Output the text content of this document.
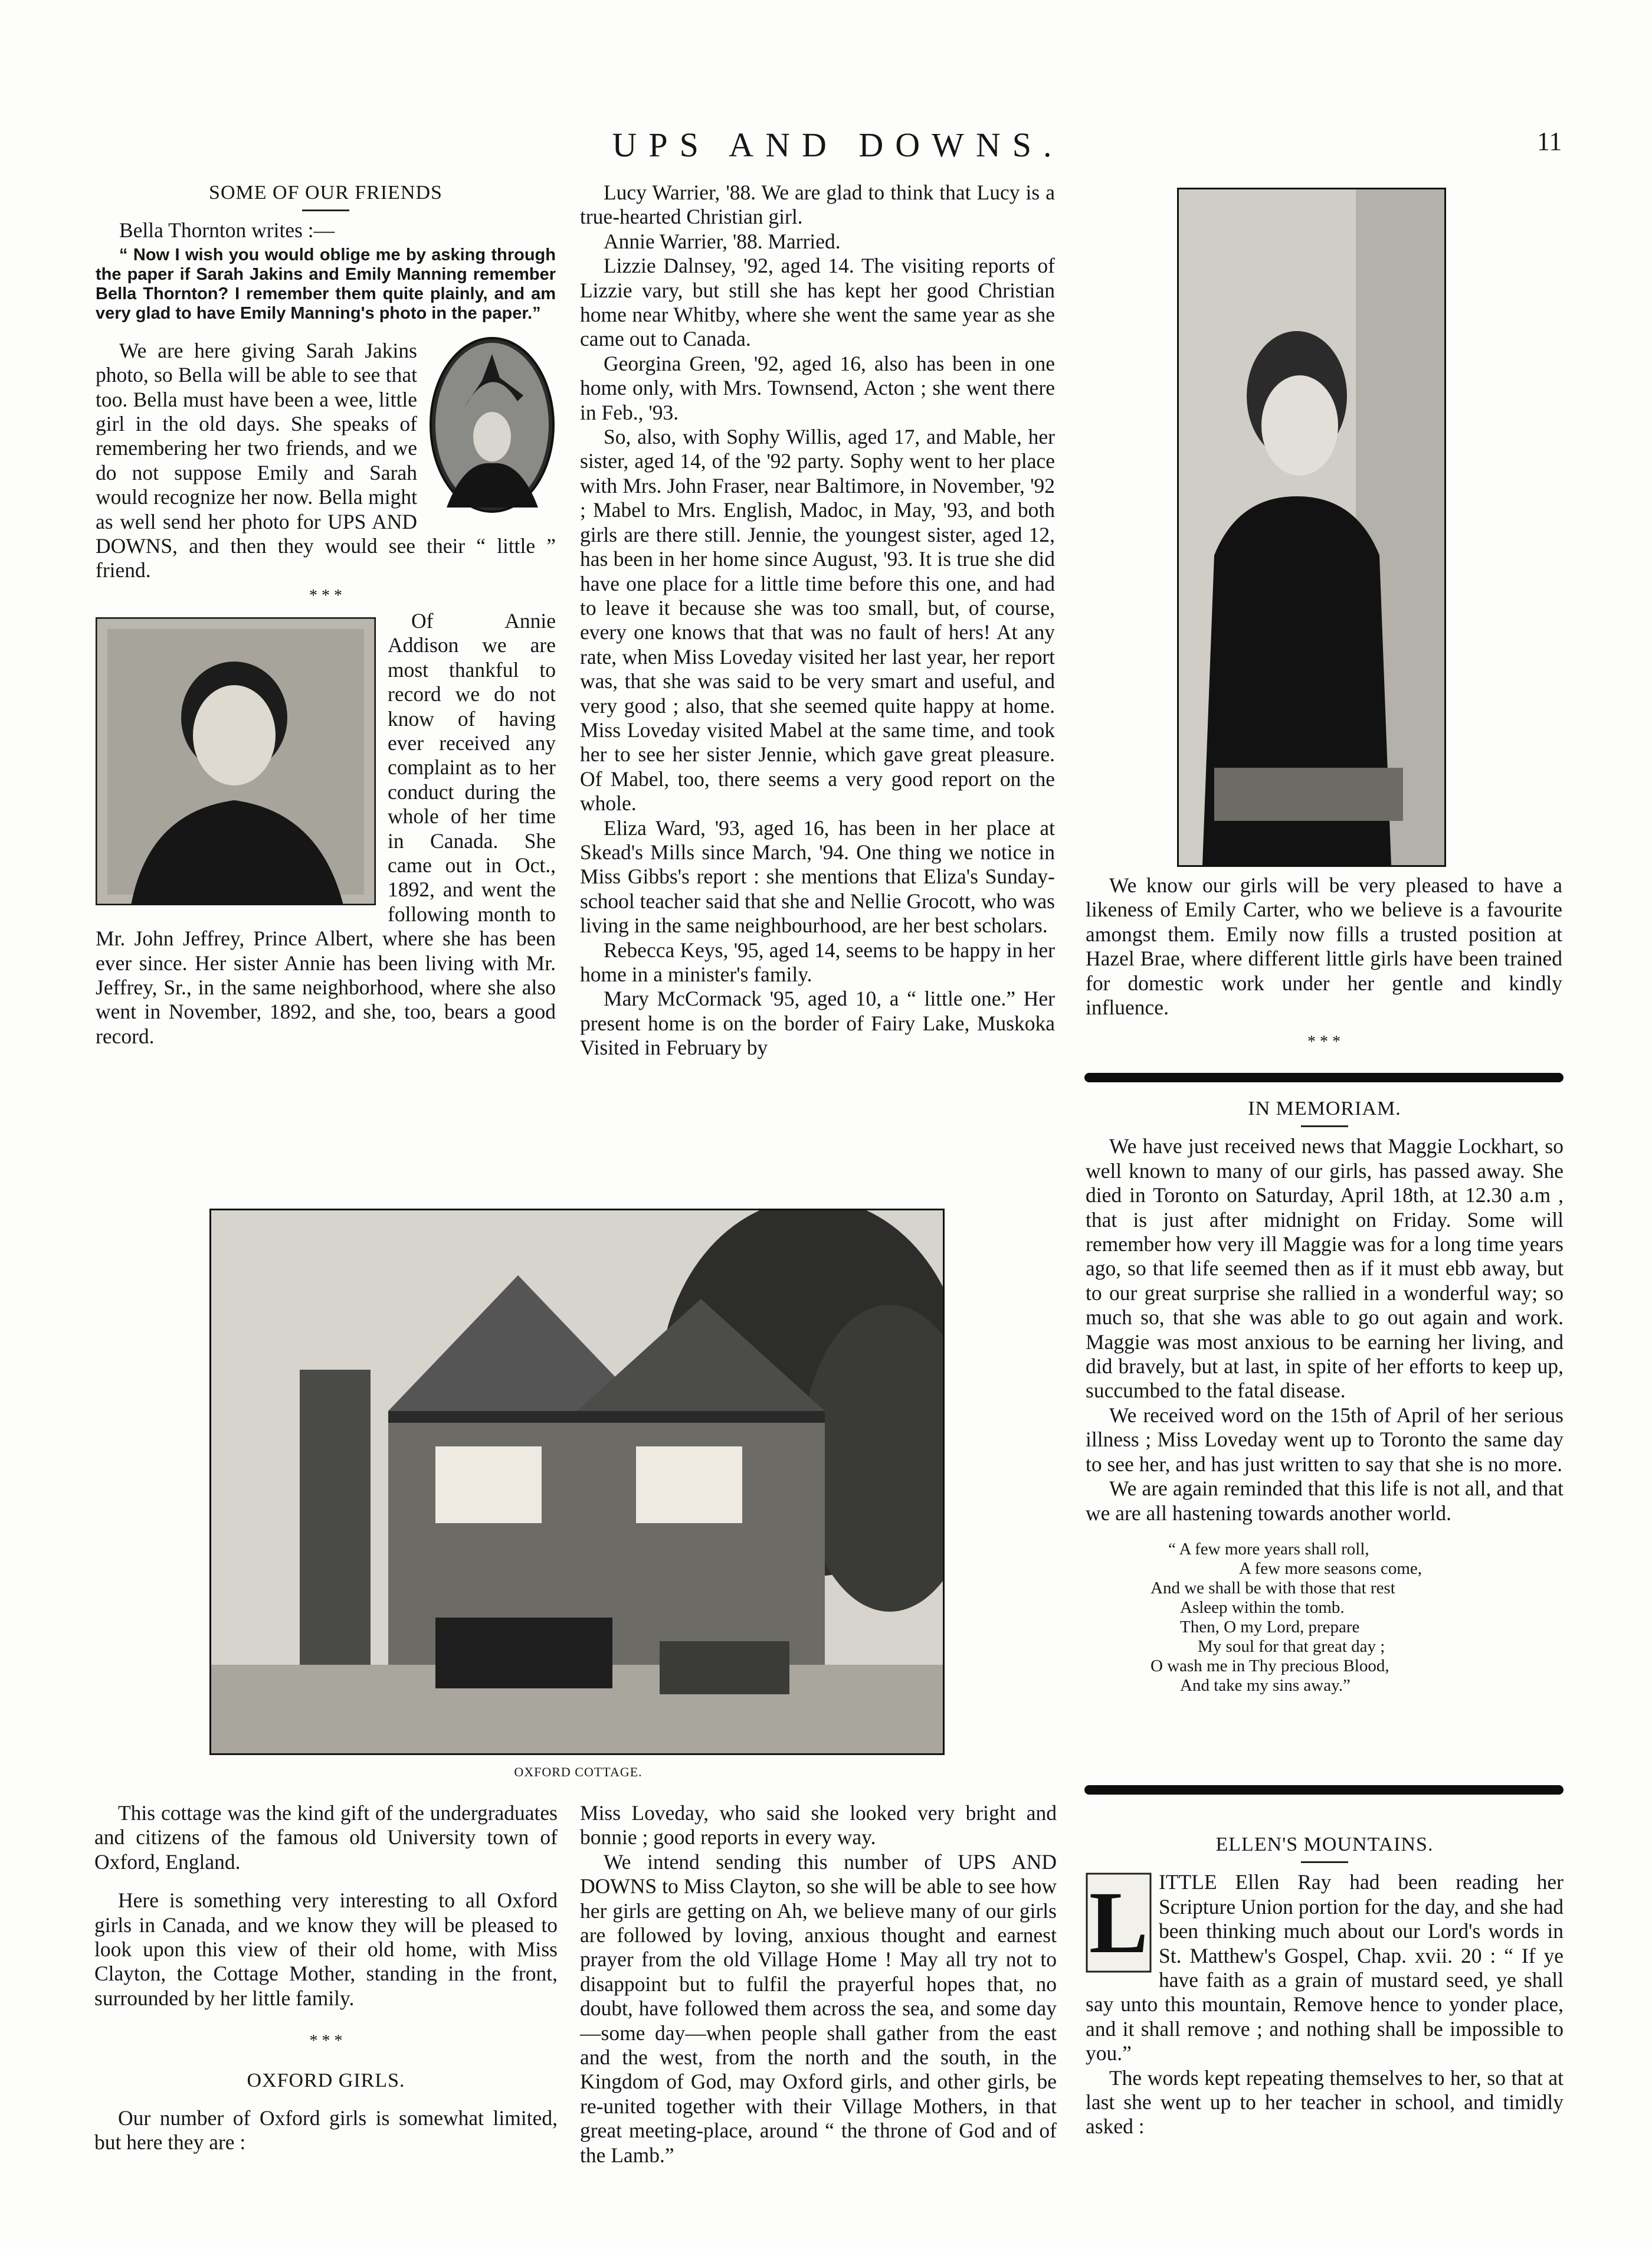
UPS AND DOWNS.	11
SOME OF OUR FRIENDS

Bella Thornton writes :—

“ Now I wish you would oblige me by asking through the paper if Sarah Jakins and Emily Manning remember Bella Thornton? I remember them quite plainly, and am very glad to have Emily Manning's photo in the paper.”

We are here giving Sarah Jakins photo, so Bella will be able to see that too. Bella must have been a wee, little girl in the old days. She speaks of remembering her two friends, and we do not suppose Emily and Sarah would recognize her now. Bella might as well send her photo for UPS AND DOWNS, and then they would see their “ little ” friend.

* * *

Of Annie Addison we are most thankful to record we do not know of having ever received any complaint as to her conduct during the whole of her time in Canada. She came out in Oct., 1892, and went the following month to Mr. John Jeffrey, Prince Albert, where she has been ever since. Her sister Annie has been living with Mr. Jeffrey, Sr., in the same neighborhood, where she also went in November, 1892, and she, too, bears a good record.

Lucy Warrier, '88. We are glad to think that Lucy is a true-hearted Christian girl.

Annie Warrier, '88. Married.

Lizzie Dalnsey, '92, aged 14. The visiting reports of Lizzie vary, but still she has kept her good Christian home near Whitby, where she went the same year as she came out to Canada.

Georgina Green, '92, aged 16, also has been in one home only, with Mrs. Townsend, Acton ; she went there in Feb., '93.

So, also, with Sophy Willis, aged 17, and Mable, her sister, aged 14, of the '92 party. Sophy went to her place with Mrs. John Fraser, near Baltimore, in November, '92 ; Mabel to Mrs. English, Madoc, in May, '93, and both girls are there still. Jennie, the youngest sister, aged 12, has been in her home since August, '93. It is true she did have one place for a little time before this one, and had to leave it because she was too small, but, of course, every one knows that that was no fault of hers! At any rate, when Miss Loveday visited her last year, her report was, that she was said to be very smart and useful, and very good ; also, that she seemed quite happy at home. Miss Loveday visited Mabel at the same time, and took her to see her sister Jennie, which gave great pleasure. Of Mabel, too, there seems a very good report on the whole.

Eliza Ward, '93, aged 16, has been in her place at Skead's Mills since March, '94. One thing we notice in Miss Gibbs's report : she mentions that Eliza's Sunday-school teacher said that she and Nellie Grocott, who was living in the same neighbourhood, are her best scholars.

Rebecca Keys, '95, aged 14, seems to be happy in her home in a minister's family.

Mary McCormack '95, aged 10, a “ little one.” Her present home is on the border of Fairy Lake, Muskoka Visited in February by

We know our girls will be very pleased to have a likeness of Emily Carter, who we believe is a favourite amongst them. Emily now fills a trusted position at Hazel Brae, where different little girls have been trained for domestic work under her gentle and kindly influence.

* * *
IN MEMORIAM.

We have just received news that Maggie Lockhart, so well known to many of our girls, has passed away. She died in Toronto on Saturday, April 18th, at 12.30 a.m , that is just after midnight on Friday. Some will remember how very ill Maggie was for a long time years ago, so that life seemed then as if it must ebb away, but to our great surprise she rallied in a wonderful way; so much so, that she was able to go out again and work. Maggie was most anxious to be earning her living, and did bravely, but at last, in spite of her efforts to keep up, succumbed to the fatal disease.

We received word on the 15th of April of her serious illness ; Miss Loveday went up to Toronto the same day to see her, and has just written to say that she is no more.

We are again reminded that this life is not all, and that we are all hastening towards another world.

“ A few more years shall roll,
A few more seasons come,
And we shall be with those that rest
Asleep within the tomb.
Then, O my Lord, prepare
My soul for that great day ;
O wash me in Thy precious Blood,
And take my sins away.”
OXFORD COTTAGE.

This cottage was the kind gift of the undergraduates and citizens of the famous old University town of Oxford, England.

Here is something very interesting to all Oxford girls in Canada, and we know they will be pleased to look upon this view of their old home, with Miss Clayton, the Cottage Mother, standing in the front, surrounded by her little family.

* * *
OXFORD GIRLS.

Our number of Oxford girls is somewhat limited, but here they are :

Miss Loveday, who said she looked very bright and bonnie ; good reports in every way.

We intend sending this number of UPS AND DOWNS to Miss Clayton, so she will be able to see how her girls are getting on Ah, we believe many of our girls are followed by loving, anxious thought and earnest prayer from the old Village Home ! May all try not to disappoint but to fulfil the prayerful hopes that, no doubt, have followed them across the sea, and some day—some day—when people shall gather from the east and the west, from the north and the south, in the Kingdom of God, may Oxford girls, and other girls, be re-united together with their Village Mothers, in that great meeting-place, around “ the throne of God and of the Lamb.”

ELLEN'S MOUNTAINS.

L ITTLE Ellen Ray had been reading her Scripture Union portion for the day, and she had been thinking much about our Lord's words in St. Matthew's Gospel, Chap. xvii. 20 : “ If ye have faith as a grain of mustard seed, ye shall say unto this mountain, Remove hence to yonder place, and it shall remove ; and nothing shall be impossible to you.”

The words kept repeating themselves to her, so that at last she went up to her teacher in school, and timidly asked :
